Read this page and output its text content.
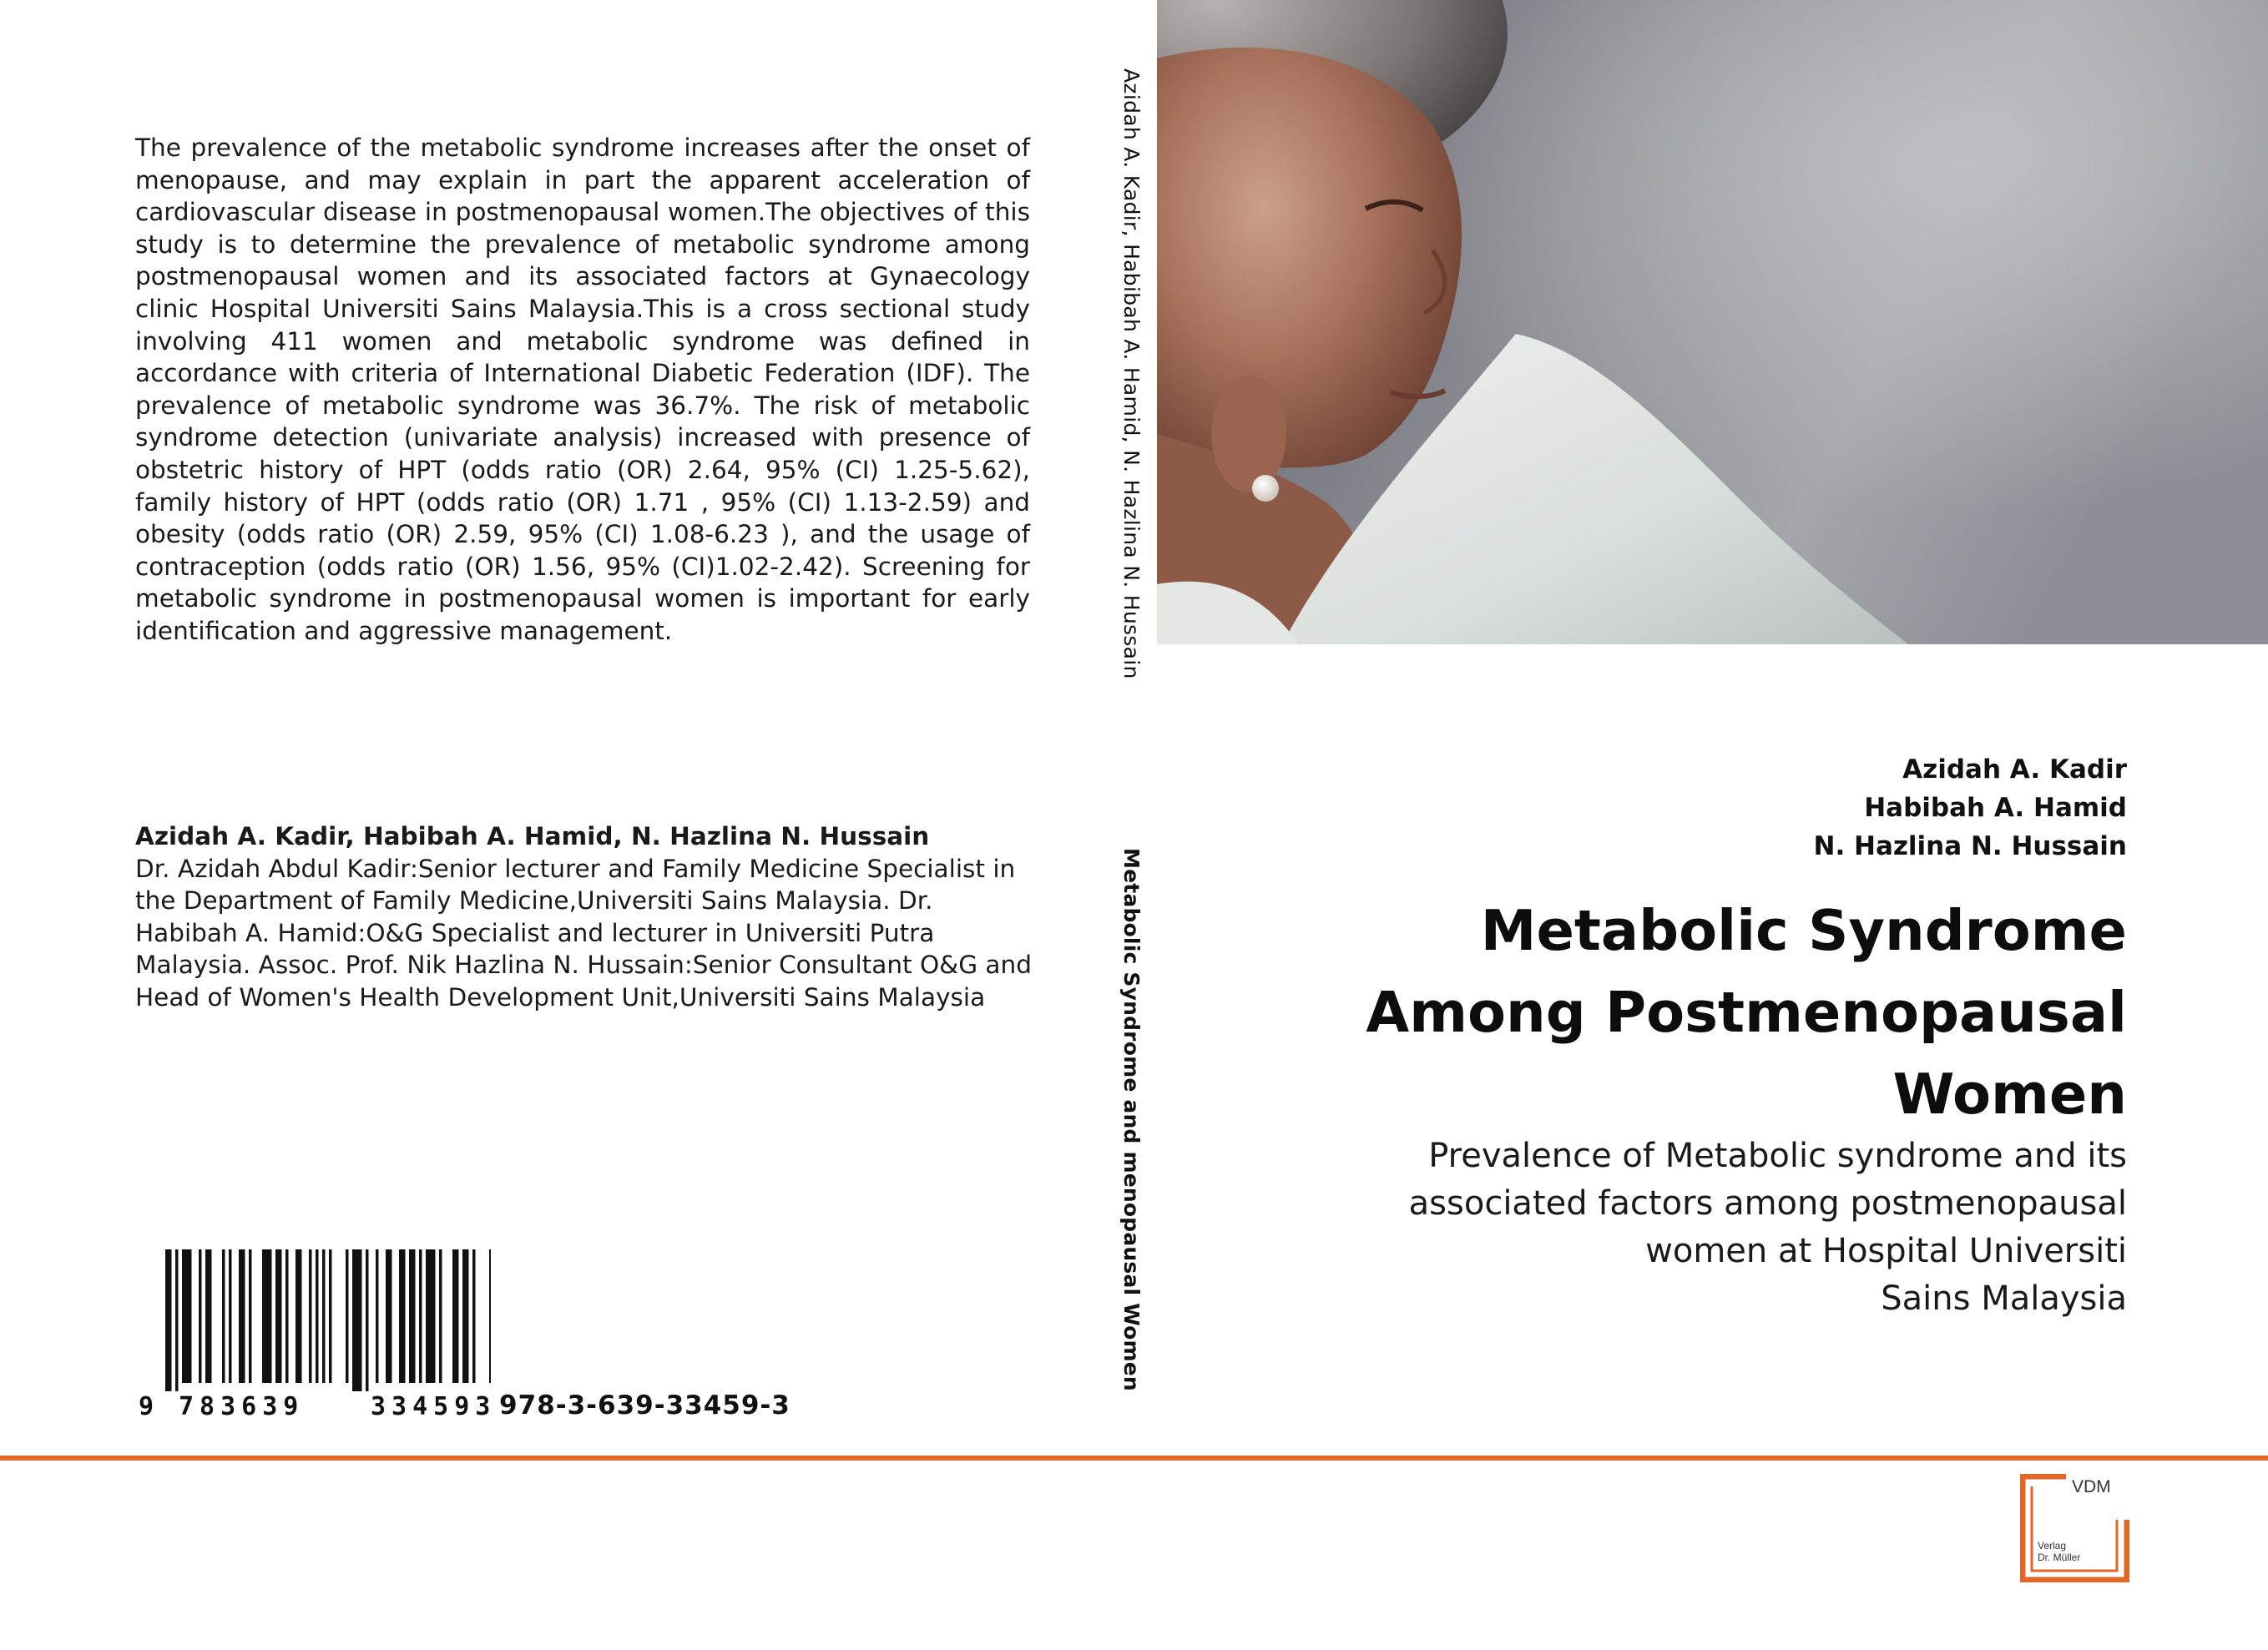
The prevalence of the metabolic syndrome increases after the onset of menopause, and may explain in part the apparent acceleration of cardiovascular disease in postmenopausal women.The objectives of this study is to determine the prevalence of metabolic syndrome among postmenopausal women and its associated factors at Gynaecology clinic Hospital Universiti Sains Malaysia.This is a cross sectional study involving 411 women and metabolic syndrome was defined in accordance with criteria of International Diabetic Federation (IDF). The prevalence of metabolic syndrome was 36.7%. The risk of metabolic syndrome detection (univariate analysis) increased with presence of obstetric history of HPT (odds ratio (OR) 2.64, 95% (CI) 1.25-5.62), family history of HPT (odds ratio (OR) 1.71 , 95% (CI) 1.13-2.59) and obesity (odds ratio (OR) 2.59, 95% (CI) 1.08-6.23 ), and the usage of contraception (odds ratio (OR) 1.56, 95% (CI)1.02-2.42). Screening for metabolic syndrome in postmenopausal women is important for early identification and aggressive management.
Azidah A. Kadir, Habibah A. Hamid, N. Hazlina N. Hussain
Dr. Azidah Abdul Kadir:Senior lecturer and Family Medicine Specialist in the Department of Family Medicine,Universiti Sains Malaysia. Dr. Habibah A. Hamid:O&G Specialist and lecturer in Universiti Putra Malaysia. Assoc. Prof. Nik Hazlina N. Hussain:Senior Consultant O&G and Head of Women's Health Development Unit,Universiti Sains Malaysia
9 783639	334593 978-3-639-33459-3
Azidah A. Kadir, Habibah A. Hamid, N. Hazlina N. Hussain
Metabolic Syndrome and menopausal Women
Azidah A. Kadir
Habibah A. Hamid
N. Hazlina N. Hussain
Metabolic Syndrome
Among Postmenopausal
Women
Prevalence of Metabolic syndrome and its
associated factors among postmenopausal
women at Hospital Universiti
Sains Malaysia
VDM
Verlag
Dr. Müller
